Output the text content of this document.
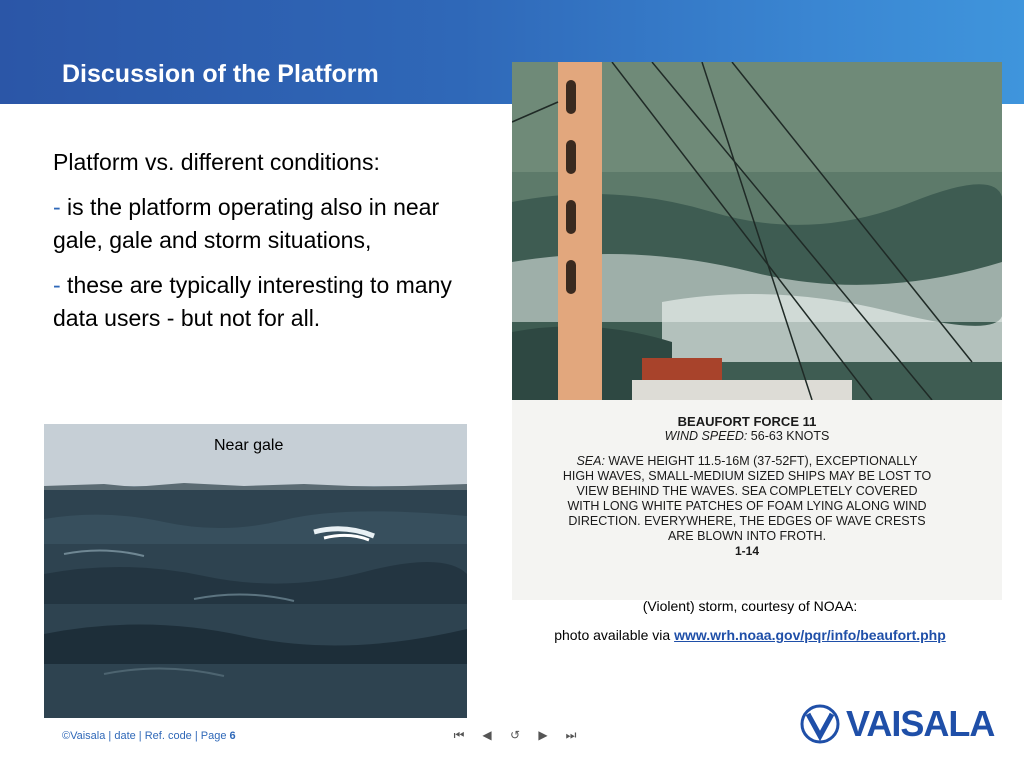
Discussion of the Platform

Platform vs. different conditions:

- is the platform operating also in near gale, gale and storm situations,

- these are typically interesting to many data users - but not for all.

Near gale
BEAUFORT FORCE 11
WIND SPEED: 56-63 KNOTS
SEA: WAVE HEIGHT 11.5-16M (37-52FT), EXCEPTIONALLY
HIGH WAVES, SMALL-MEDIUM SIZED SHIPS MAY BE LOST TO
VIEW BEHIND THE WAVES. SEA COMPLETELY COVERED
WITH LONG WHITE PATCHES OF FOAM LYING ALONG WIND
DIRECTION. EVERYWHERE, THE EDGES OF WAVE CRESTS
ARE BLOWN INTO FROTH.
1-14
(Violent) storm, courtesy of NOAA:
photo available via www.wrh.noaa.gov/pqr/info/beaufort.php
©Vaisala | date | Ref. code | Page 6	⏮ ◀ ↺ ▶ ⏭	VAISALA
